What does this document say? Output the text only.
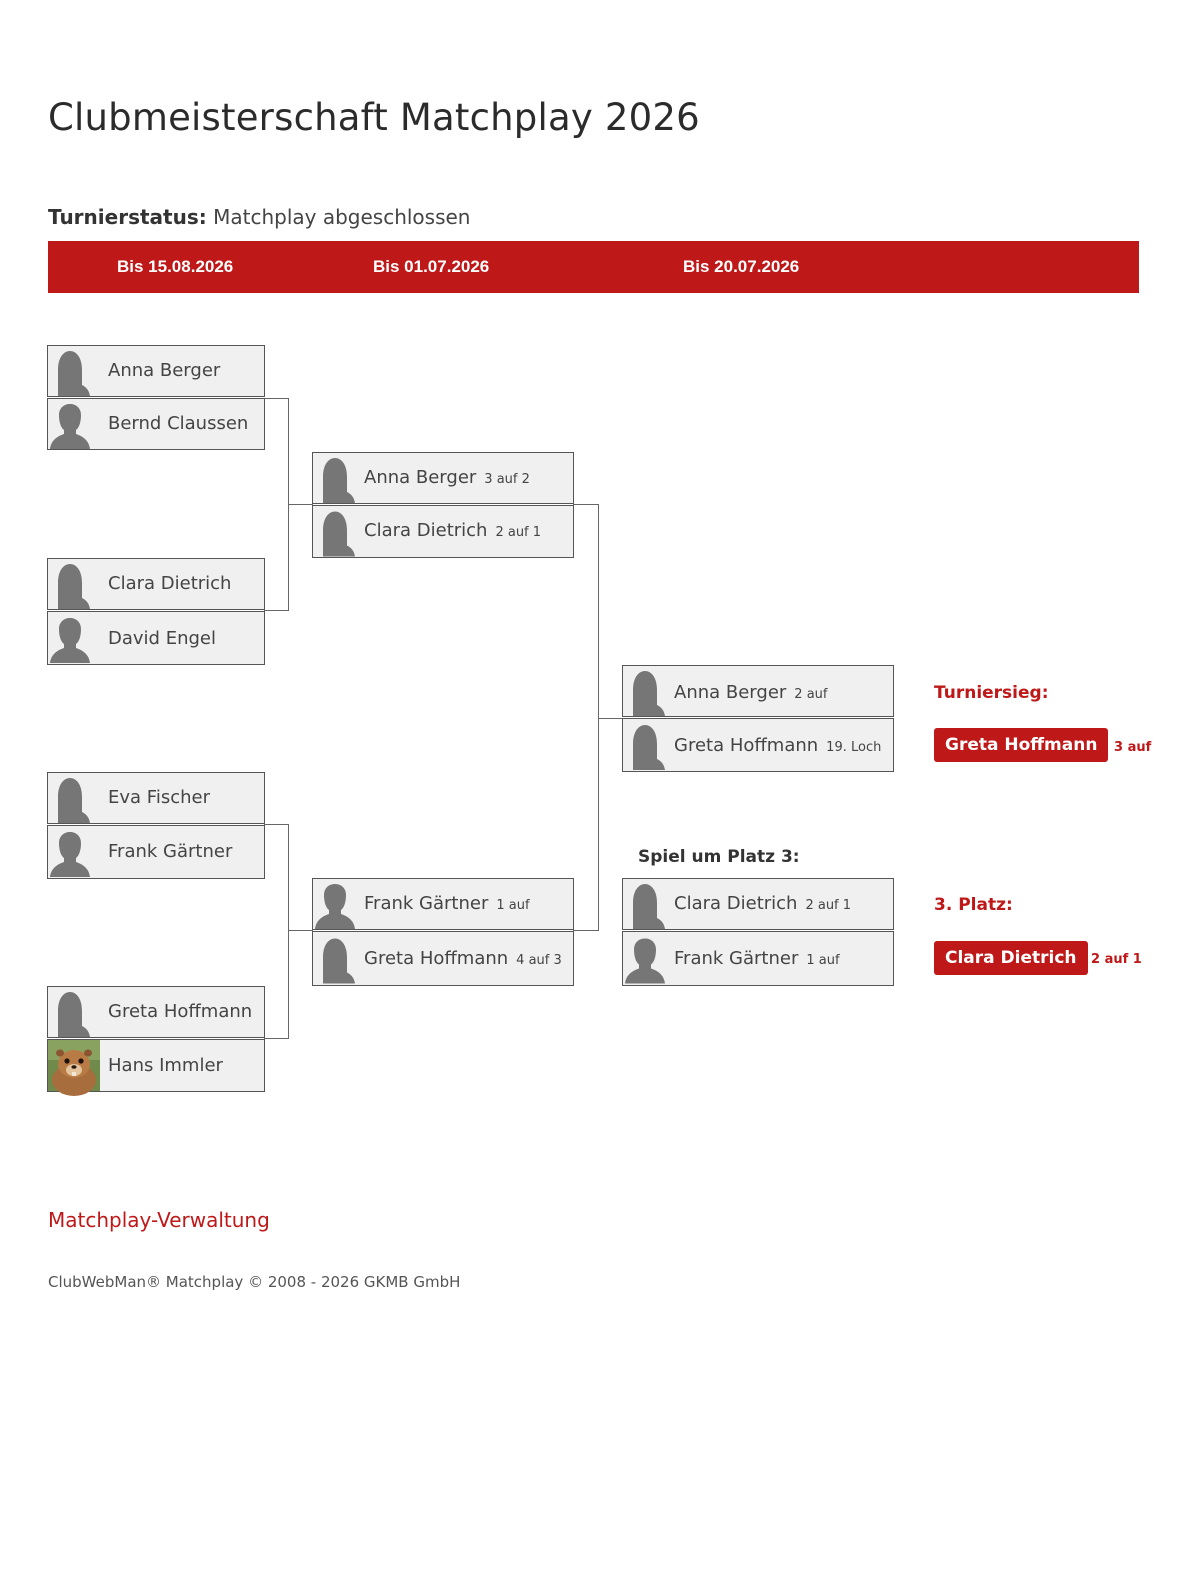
Clubmeisterschaft Matchplay 2026
Turnierstatus: Matchplay abgeschlossen
Bis 15.08.2026	Bis 01.07.2026	Bis 20.07.2026
Anna Berger
Bernd Claussen
Clara Dietrich
David Engel
Eva Fischer
Frank Gärtner
Greta Hoffmann
Hans Immler
Anna Berger 3 auf 2
Clara Dietrich 2 auf 1
Frank Gärtner 1 auf
Greta Hoffmann 4 auf 3
Anna Berger 2 auf
Greta Hoffmann 19. Loch
Spiel um Platz 3:
Clara Dietrich 2 auf 1
Frank Gärtner 1 auf
Turniersieg:
Greta Hoffmann	3 auf
3. Platz:
Clara Dietrich	2 auf 1
Matchplay-Verwaltung
ClubWebMan® Matchplay © 2008 - 2026 GKMB GmbH
